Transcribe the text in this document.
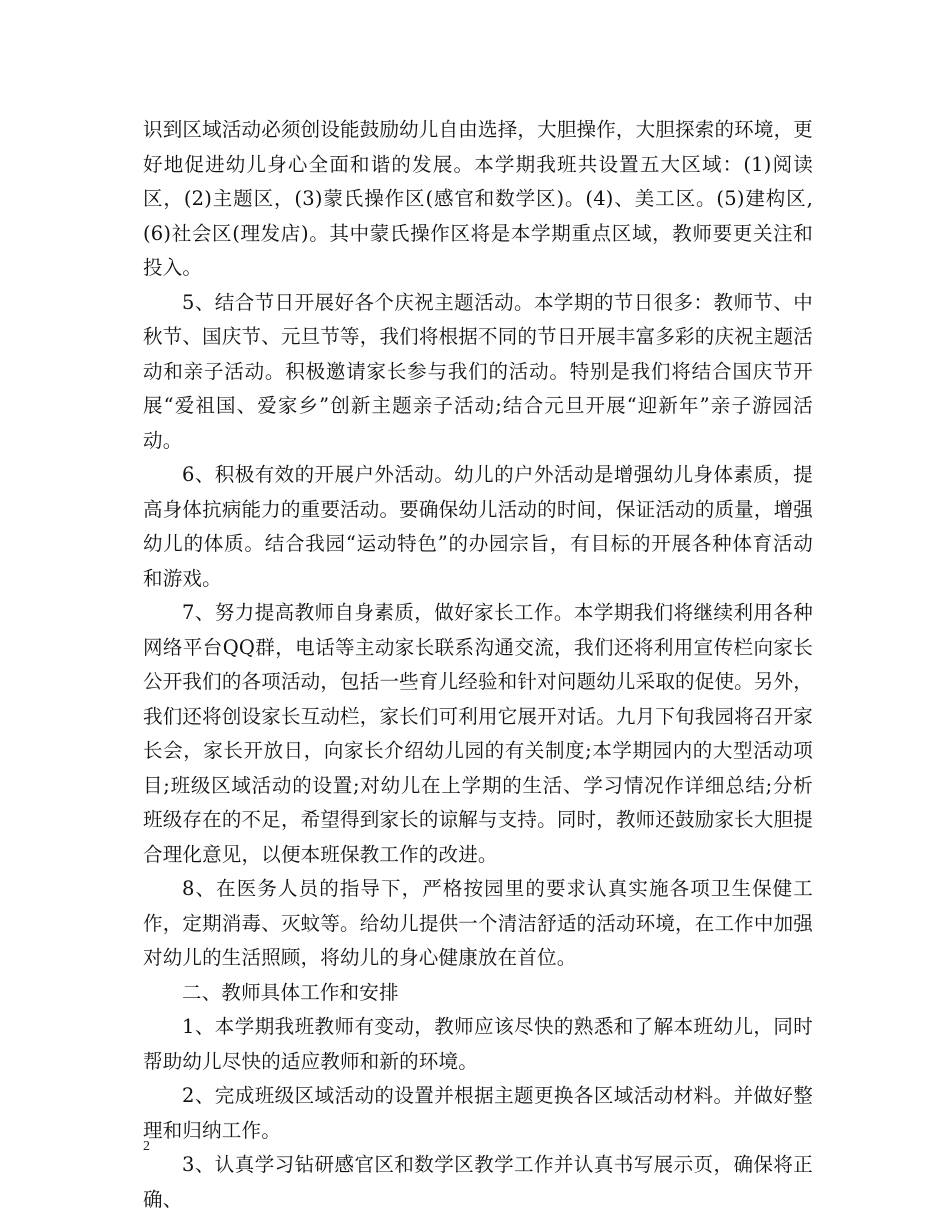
识到区域活动必须创设能鼓励幼儿自由选择，大胆操作，大胆探索的环境，更好地促进幼儿身心全面和谐的发展。本学期我班共设置五大区域：(1)阅读区，(2)主题区，(3)蒙氏操作区(感官和数学区)。(4)、美工区。(5)建构区,(6)社会区(理发店)。其中蒙氏操作区将是本学期重点区域，教师要更关注和投入。

5、结合节日开展好各个庆祝主题活动。本学期的节日很多：教师节、中秋节、国庆节、元旦节等，我们将根据不同的节日开展丰富多彩的庆祝主题活动和亲子活动。积极邀请家长参与我们的活动。特别是我们将结合国庆节开展“爱祖国、爱家乡”创新主题亲子活动;结合元旦开展“迎新年”亲子游园活动。

6、积极有效的开展户外活动。幼儿的户外活动是增强幼儿身体素质，提高身体抗病能力的重要活动。要确保幼儿活动的时间，保证活动的质量，增强幼儿的体质。结合我园“运动特色”的办园宗旨，有目标的开展各种体育活动和游戏。

7、努力提高教师自身素质，做好家长工作。本学期我们将继续利用各种网络平台QQ群，电话等主动家长联系沟通交流，我们还将利用宣传栏向家长公开我们的各项活动，包括一些育儿经验和针对问题幼儿采取的促使。另外，我们还将创设家长互动栏，家长们可利用它展开对话。九月下旬我园将召开家长会，家长开放日，向家长介绍幼儿园的有关制度;本学期园内的大型活动项目;班级区域活动的设置;对幼儿在上学期的生活、学习情况作详细总结;分析班级存在的不足，希望得到家长的谅解与支持。同时，教师还鼓励家长大胆提合理化意见，以便本班保教工作的改进。

8、在医务人员的指导下，严格按园里的要求认真实施各项卫生保健工作，定期消毒、灭蚊等。给幼儿提供一个清洁舒适的活动环境，在工作中加强对幼儿的生活照顾，将幼儿的身心健康放在首位。

二、教师具体工作和安排

1、本学期我班教师有变动，教师应该尽快的熟悉和了解本班幼儿，同时帮助幼儿尽快的适应教师和新的环境。

2、完成班级区域活动的设置并根据主题更换各区域活动材料。并做好整理和归纳工作。

3、认真学习钻研感官区和数学区教学工作并认真书写展示页，确保将正确、

2
